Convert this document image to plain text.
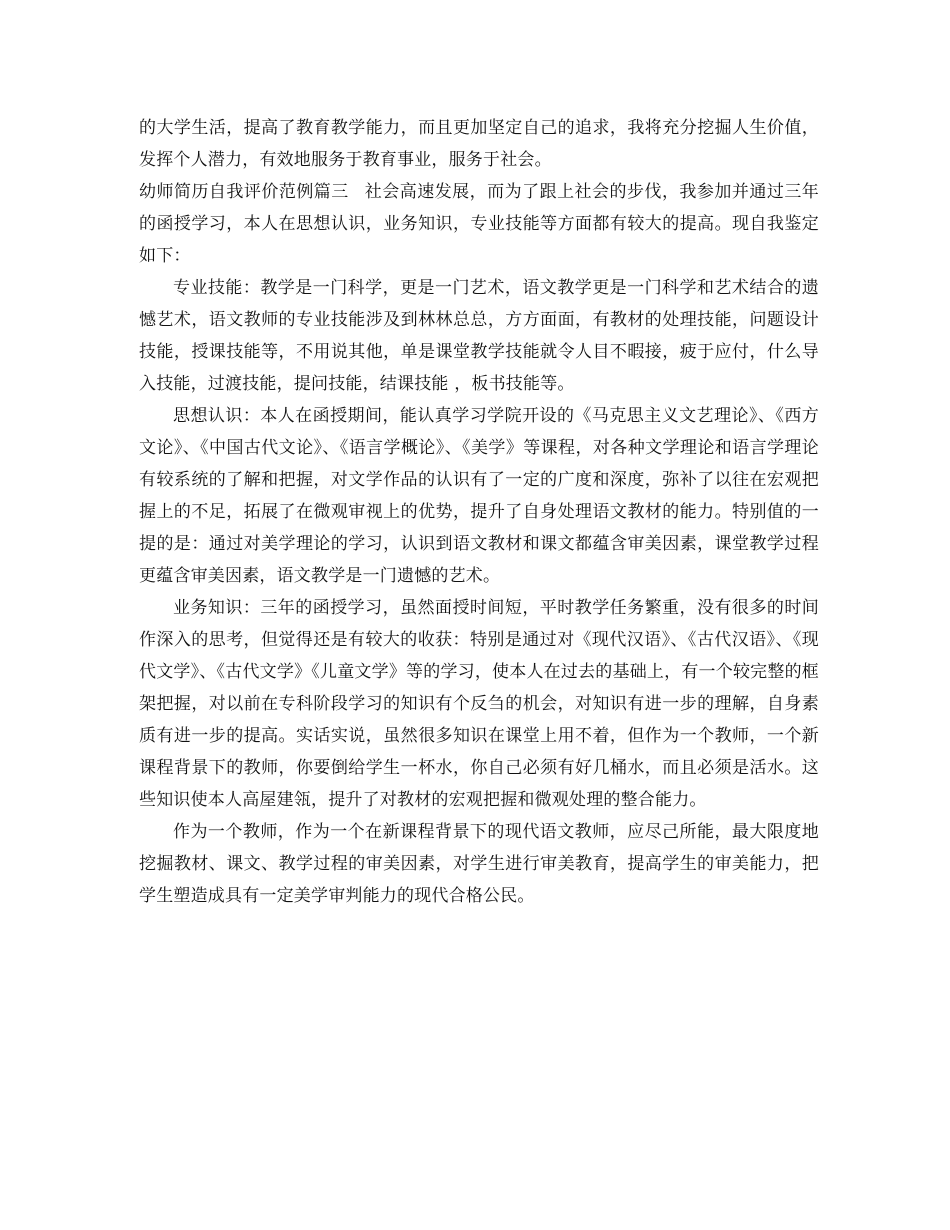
的大学生活，提高了教育教学能力，而且更加坚定自己的追求，我将充分挖掘人生价值，发挥个人潜力，有效地服务于教育事业，服务于社会。

幼师简历自我评价范例篇三 社会高速发展，而为了跟上社会的步伐，我参加并通过三年的函授学习，本人在思想认识，业务知识，专业技能等方面都有较大的提高。现自我鉴定如下：

专业技能：教学是一门科学，更是一门艺术，语文教学更是一门科学和艺术结合的遗憾艺术，语文教师的专业技能涉及到林林总总，方方面面，有教材的处理技能，问题设计技能，授课技能等，不用说其他，单是课堂教学技能就令人目不暇接，疲于应付，什么导入技能，过渡技能，提问技能，结课技能 ，板书技能等。

思想认识：本人在函授期间，能认真学习学院开设的《马克思主义文艺理论》、《西方文论》、《中国古代文论》、《语言学概论》、《美学》等课程，对各种文学理论和语言学理论有较系统的了解和把握，对文学作品的认识有了一定的广度和深度，弥补了以往在宏观把握上的不足，拓展了在微观审视上的优势，提升了自身处理语文教材的能力。特别值的一提的是：通过对美学理论的学习，认识到语文教材和课文都蕴含审美因素，课堂教学过程更蕴含审美因素，语文教学是一门遗憾的艺术。

业务知识：三年的函授学习，虽然面授时间短，平时教学任务繁重，没有很多的时间作深入的思考，但觉得还是有较大的收获：特别是通过对《现代汉语》、《古代汉语》、《现代文学》、《古代文学》《儿童文学》等的学习，使本人在过去的基础上，有一个较完整的框架把握，对以前在专科阶段学习的知识有个反刍的机会，对知识有进一步的理解，自身素质有进一步的提高。实话实说，虽然很多知识在课堂上用不着，但作为一个教师，一个新课程背景下的教师，你要倒给学生一杯水，你自己必须有好几桶水，而且必须是活水。这些知识使本人高屋建瓴，提升了对教材的宏观把握和微观处理的整合能力。

作为一个教师，作为一个在新课程背景下的现代语文教师，应尽己所能，最大限度地挖掘教材、课文、教学过程的审美因素，对学生进行审美教育，提高学生的审美能力，把学生塑造成具有一定美学审判能力的现代合格公民。
